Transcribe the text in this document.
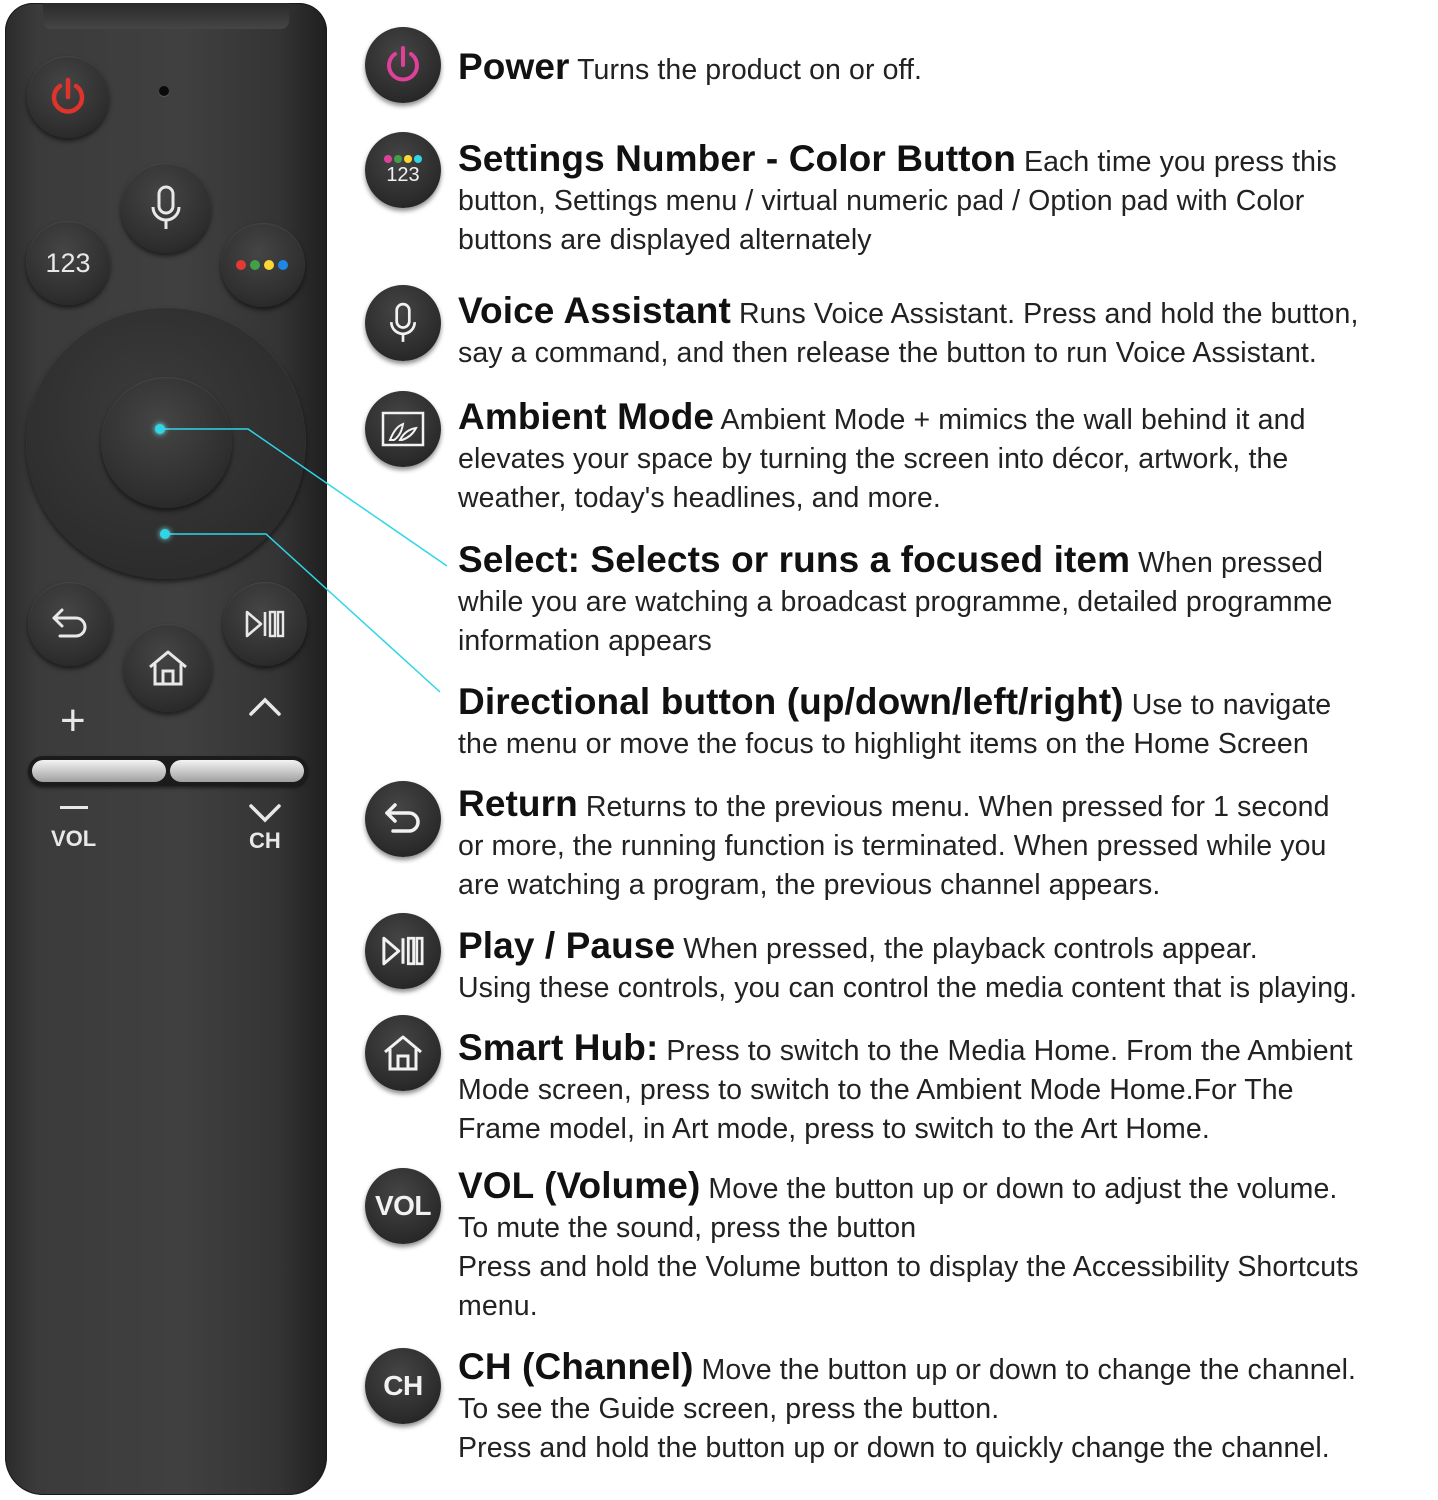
123
+
VOL	CH
Power Turns the product on or off.
123 Settings Number - Color Button Each time you press this
button, Settings menu / virtual numeric pad / Option pad with Color
buttons are displayed alternately
Voice Assistant Runs Voice Assistant. Press and hold the button,
say a command, and then release the button to run Voice Assistant.
Ambient Mode Ambient Mode + mimics the wall behind it and
elevates your space by turning the screen into décor, artwork, the
weather, today's headlines, and more.
Select: Selects or runs a focused item When pressed
while you are watching a broadcast programme, detailed programme
information appears
Directional button (up/down/left/right) Use to navigate
the menu or move the focus to highlight items on the Home Screen
Return Returns to the previous menu. When pressed for 1 second
or more, the running function is terminated. When pressed while you
are watching a program, the previous channel appears.
Play / Pause When pressed, the playback controls appear.
Using these controls, you can control the media content that is playing.
Smart Hub: Press to switch to the Media Home. From the Ambient
Mode screen, press to switch to the Ambient Mode Home.For The
Frame model, in Art mode, press to switch to the Art Home.
VOL VOL (Volume) Move the button up or down to adjust the volume.
To mute the sound, press the button
Press and hold the Volume button to display the Accessibility Shortcuts
menu.
CH CH (Channel) Move the button up or down to change the channel.
To see the Guide screen, press the button.
Press and hold the button up or down to quickly change the channel.
